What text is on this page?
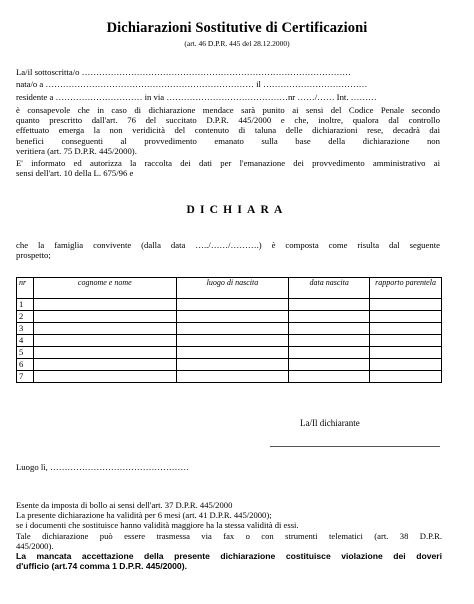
Dichiarazioni Sostitutive di Certificazioni
(art. 46 D.P.R. 445 del 28.12.2000)
La/il sottoscritta/o …………………………………………………………………………………
nata/o a ……………………………………………………………… il ………………………………
residente a ………………………… in via ……………………………………nr ……/…… Int. ………
è consapevole che in caso di dichiarazione mendace sarà punito ai sensi del Codice Penale secondo
quanto prescritto dall'art. 76 del succitato D.P.R. 445/2000 e che, inoltre, qualora dal controllo
effettuato emerga la non veridicità del contenuto di taluna delle dichiarazioni rese, decadrà dai
benefici conseguenti al provvedimento emanato sulla base della dichiarazione non
veritiera (art. 75 D.P.R. 445/2000).
E' informato ed autorizza la raccolta dei dati per l'emanazione dei provvedimento amministrativo ai
sensi dell'art. 10 della L. 675/96 e
DICHIARA
che la famiglia convivente (dalla data …../……/……….) è composta come risulta dal seguente
prospetto;
nr	cognome e nome	luogo di nascita	data nascita	rapporto parentela
1				
2				
3				
4				
5				
6				
7				
La/Il dichiarante
Luogo lì, …………………………………………
Esente da imposta di bollo ai sensi dell'art. 37 D.P.R. 445/2000
La presente dichiarazione ha validità per 6 mesi (art. 41 D.P.R. 445/2000);
se i documenti che sostituisce hanno validità maggiore ha la stessa validità di essi.
Tale dichiarazione può essere trasmessa via fax o con strumenti telematici (art. 38 D.P.R.
445/2000).
La mancata accettazione della presente dichiarazione costituisce violazione dei doveri
d'ufficio (art.74 comma 1 D.P.R. 445/2000).
